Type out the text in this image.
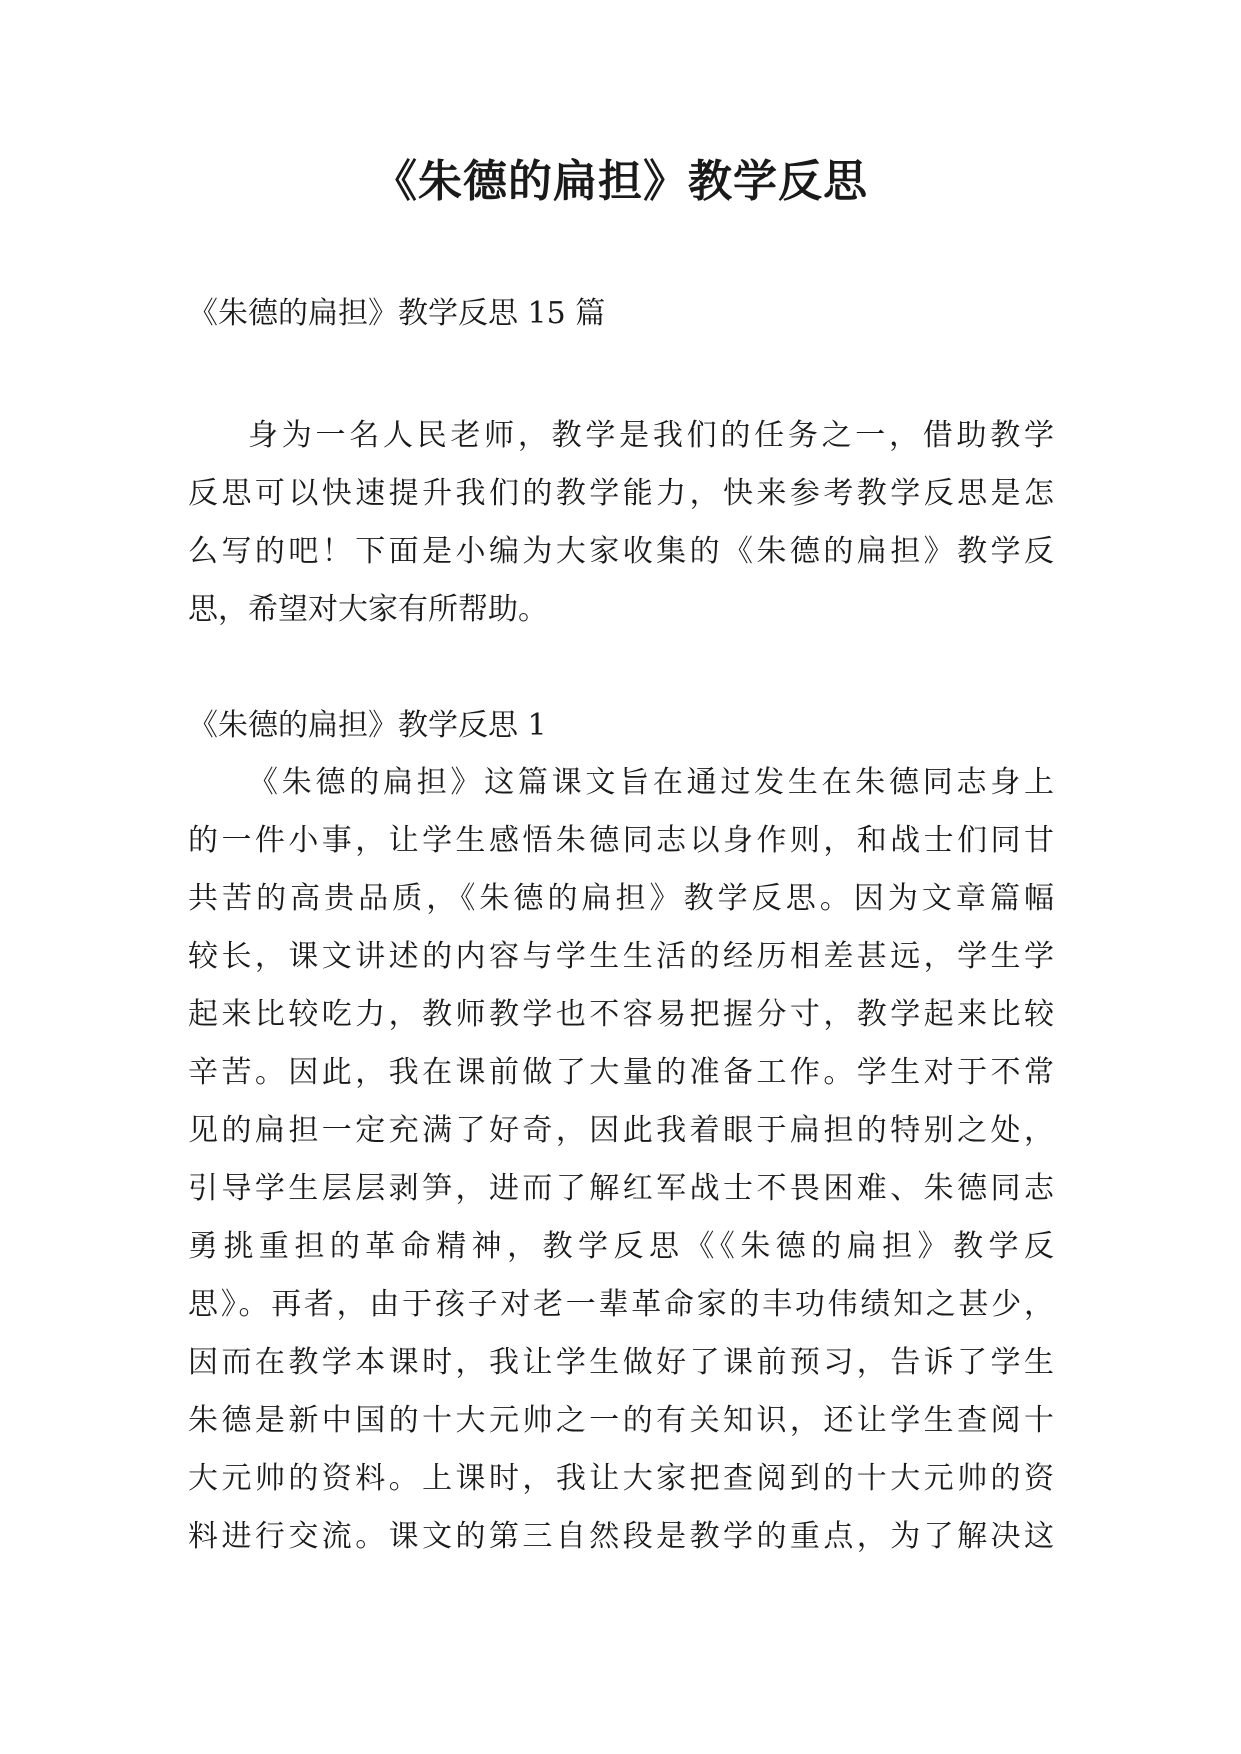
《朱德的扁担》教学反思

《朱德的扁担》教学反思 15 篇

身为一名人民老师，教学是我们的任务之一，借助教学
反思可以快速提升我们的教学能力，快来参考教学反思是怎
么写的吧！下面是小编为大家收集的《朱德的扁担》教学反
思，希望对大家有所帮助。

《朱德的扁担》教学反思 1

《朱德的扁担》这篇课文旨在通过发生在朱德同志身上
的一件小事，让学生感悟朱德同志以身作则，和战士们同甘
共苦的高贵品质，《朱德的扁担》教学反思。因为文章篇幅
较长，课文讲述的内容与学生生活的经历相差甚远，学生学
起来比较吃力，教师教学也不容易把握分寸，教学起来比较
辛苦。因此，我在课前做了大量的准备工作。学生对于不常
见的扁担一定充满了好奇，因此我着眼于扁担的特别之处，
引导学生层层剥笋，进而了解红军战士不畏困难、朱德同志
勇挑重担的革命精神，教学反思《《朱德的扁担》教学反
思》。再者，由于孩子对老一辈革命家的丰功伟绩知之甚少，
因而在教学本课时，我让学生做好了课前预习，告诉了学生
朱德是新中国的十大元帅之一的有关知识，还让学生查阅十
大元帅的资料。上课时，我让大家把查阅到的十大元帅的资
料进行交流。课文的第三自然段是教学的重点，为了解决这
